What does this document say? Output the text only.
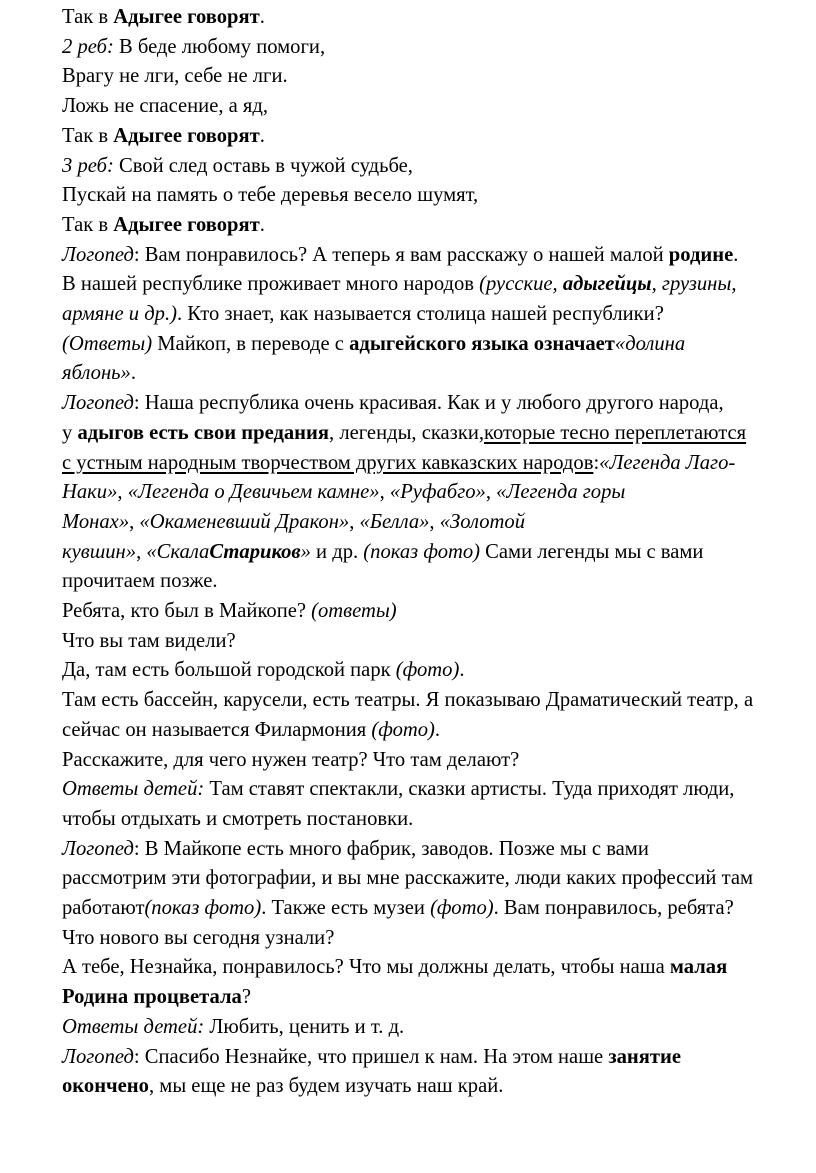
Так в Адыгее говорят.
2 реб: В беде любому помоги,
Врагу не лги, себе не лги.
Ложь не спасение, а яд,
Так в Адыгее говорят.
3 реб: Свой след оставь в чужой судьбе,
Пускай на память о тебе деревья весело шумят,
Так в Адыгее говорят.
Логопед: Вам понравилось? А теперь я вам расскажу о нашей малой родине.
В нашей республике проживает много народов (русские, адыгейцы, грузины,
армяне и др.). Кто знает, как называется столица нашей республики?
(Ответы) Майкоп, в переводе с адыгейского языка означает«долина
яблонь».
Логопед: Наша республика очень красивая. Как и у любого другого народа,
у адыгов есть свои предания, легенды, сказки,которые тесно переплетаются
с устным народным творчеством других кавказских народов:«Легенда Лаго-
Наки», «Легенда о Девичьем камне», «Руфабго», «Легенда горы
Монах», «Окаменевший Дракон», «Белла», «Золотой
кувшин», «СкалаСтариков» и др. (показ фото) Сами легенды мы с вами
прочитаем позже.
Ребята, кто был в Майкопе? (ответы)
Что вы там видели?
Да, там есть большой городской парк (фото).
Там есть бассейн, карусели, есть театры. Я показываю Драматический театр, а
сейчас он называется Филармония (фото).
Расскажите, для чего нужен театр? Что там делают?
Ответы детей: Там ставят спектакли, сказки артисты. Туда приходят люди,
чтобы отдыхать и смотреть постановки.
Логопед: В Майкопе есть много фабрик, заводов. Позже мы с вами
рассмотрим эти фотографии, и вы мне расскажите, люди каких профессий там
работают(показ фото). Также есть музеи (фото). Вам понравилось, ребята?
Что нового вы сегодня узнали?
А тебе, Незнайка, понравилось? Что мы должны делать, чтобы наша малая
Родина процветала?
Ответы детей: Любить, ценить и т. д.
Логопед: Спасибо Незнайке, что пришел к нам. На этом наше занятие
окончено, мы еще не раз будем изучать наш край.
